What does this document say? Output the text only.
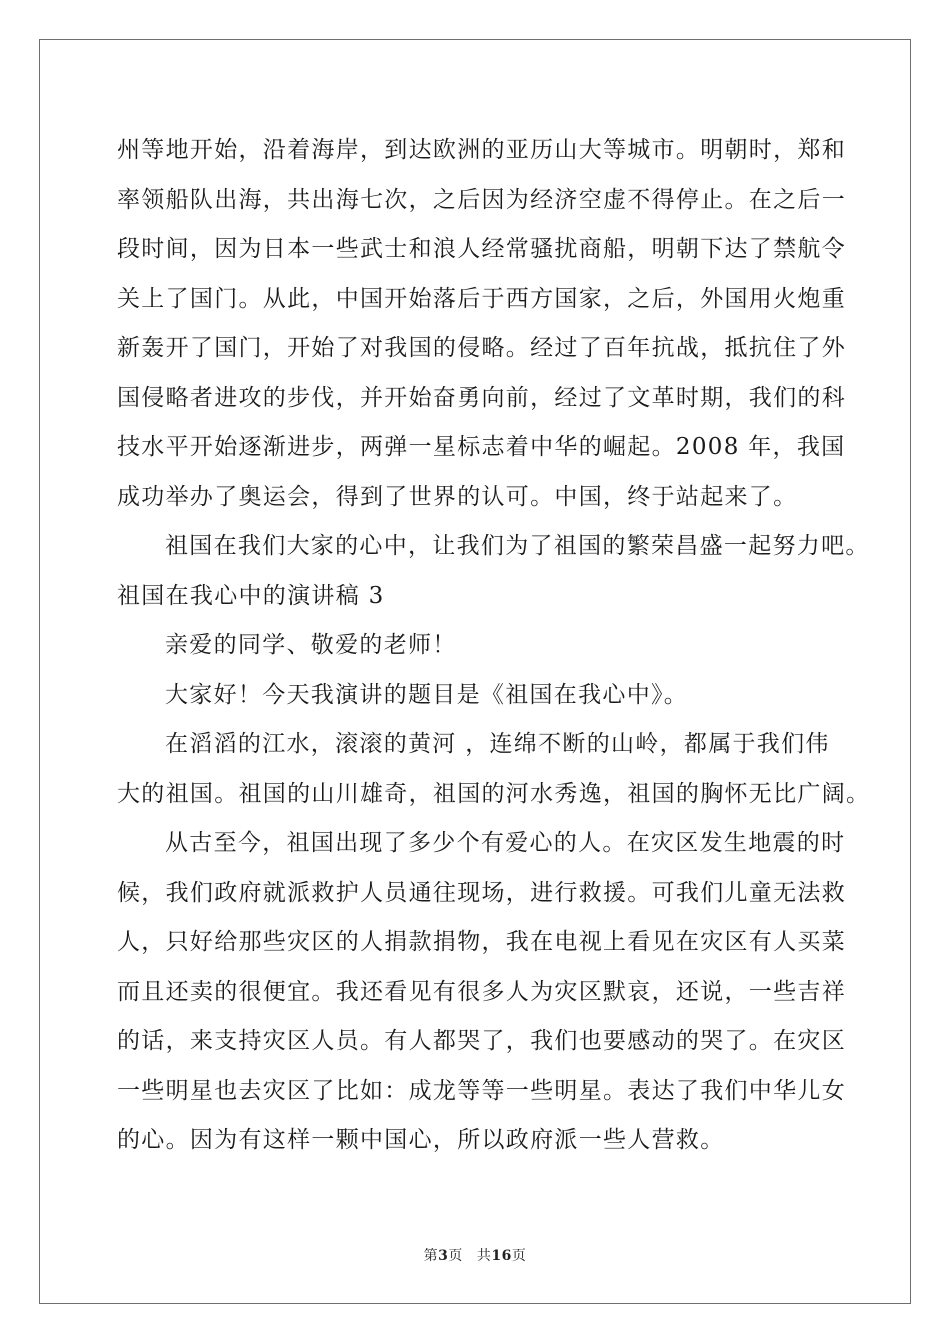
州等地开始，沿着海岸，到达欧洲的亚历山大等城市。明朝时，郑和
率领船队出海，共出海七次，之后因为经济空虚不得停止。在之后一
段时间，因为日本一些武士和浪人经常骚扰商船，明朝下达了禁航令
关上了国门。从此，中国开始落后于西方国家，之后，外国用火炮重
新轰开了国门，开始了对我国的侵略。经过了百年抗战，抵抗住了外
国侵略者进攻的步伐，并开始奋勇向前，经过了文革时期，我们的科
技水平开始逐渐进步，两弹一星标志着中华的崛起。2008 年，我国
成功举办了奥运会，得到了世界的认可。中国，终于站起来了。
祖国在我们大家的心中，让我们为了祖国的繁荣昌盛一起努力吧。
祖国在我心中的演讲稿 3
亲爱的同学、敬爱的老师！
大家好！今天我演讲的题目是《祖国在我心中》。
在滔滔的江水，滚滚的黄河 ，连绵不断的山岭，都属于我们伟
大的祖国。祖国的山川雄奇，祖国的河水秀逸，祖国的胸怀无比广阔。
从古至今，祖国出现了多少个有爱心的人。在灾区发生地震的时
候，我们政府就派救护人员通往现场，进行救援。可我们儿童无法救
人，只好给那些灾区的人捐款捐物，我在电视上看见在灾区有人买菜
而且还卖的很便宜。我还看见有很多人为灾区默哀，还说，一些吉祥
的话，来支持灾区人员。有人都哭了，我们也要感动的哭了。在灾区
一些明星也去灾区了比如：成龙等等一些明星。表达了我们中华儿女
的心。因为有这样一颗中国心，所以政府派一些人营救。
第3页 共16页
